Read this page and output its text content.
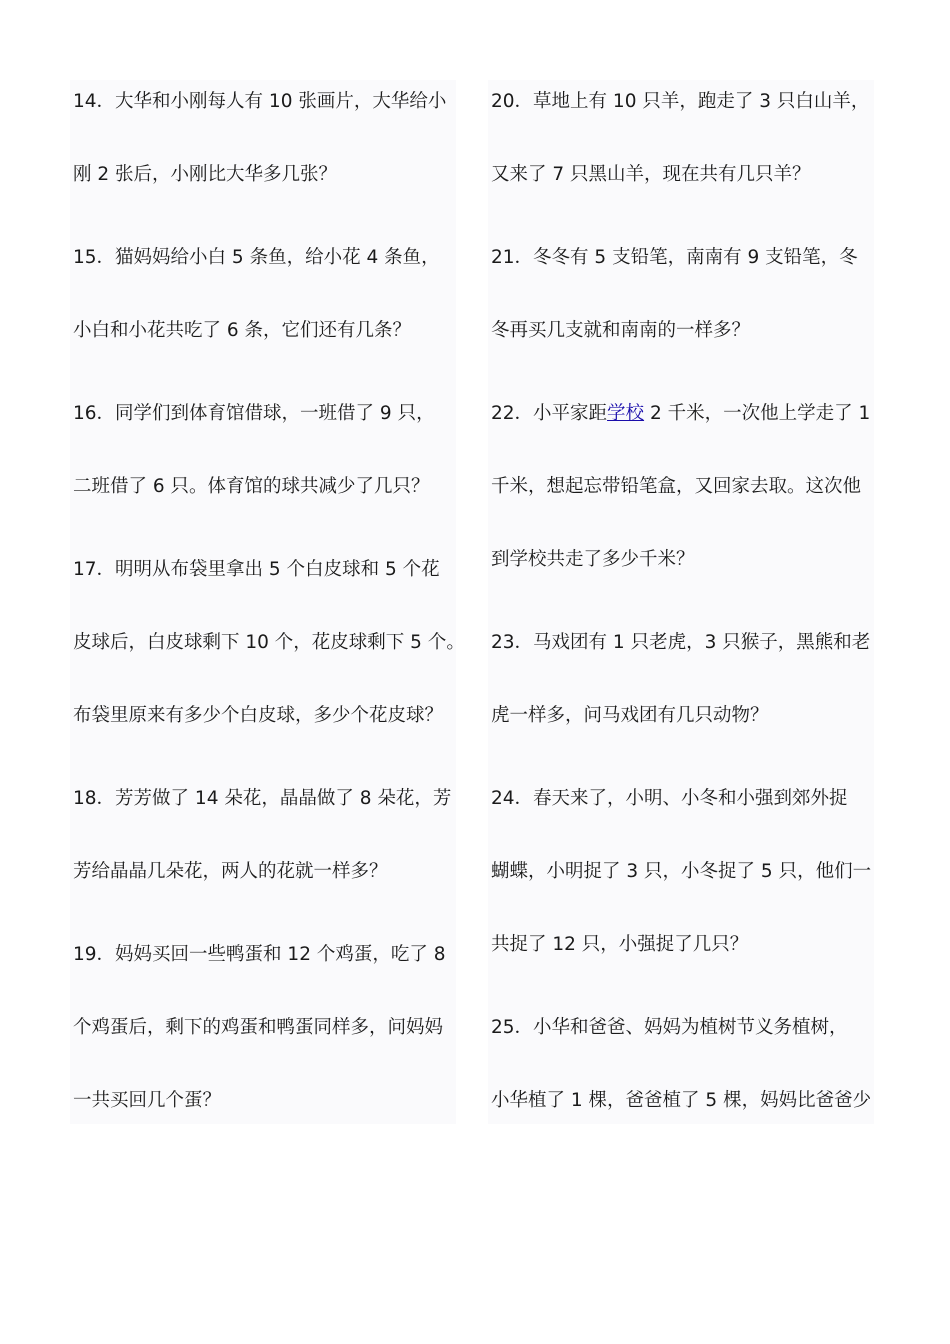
14．大华和小刚每人有 10 张画片，大华给小
刚 2 张后，小刚比大华多几张？
15．猫妈妈给小白 5 条鱼，给小花 4 条鱼，
小白和小花共吃了 6 条，它们还有几条？
16．同学们到体育馆借球，一班借了 9 只，
二班借了 6 只。体育馆的球共减少了几只？
17．明明从布袋里拿出 5 个白皮球和 5 个花
皮球后，白皮球剩下 10 个，花皮球剩下 5 个。
布袋里原来有多少个白皮球，多少个花皮球？
18．芳芳做了 14 朵花，晶晶做了 8 朵花，芳
芳给晶晶几朵花，两人的花就一样多？
19．妈妈买回一些鸭蛋和 12 个鸡蛋，吃了 8
个鸡蛋后，剩下的鸡蛋和鸭蛋同样多，问妈妈
一共买回几个蛋？
20．草地上有 10 只羊，跑走了 3 只白山羊，
又来了 7 只黑山羊，现在共有几只羊？
21．冬冬有 5 支铅笔，南南有 9 支铅笔，冬
冬再买几支就和南南的一样多？
22．小平家距学校 2 千米，一次他上学走了 1
千米，想起忘带铅笔盒，又回家去取。这次他
到学校共走了多少千米？
23．马戏团有 1 只老虎，3 只猴子，黑熊和老
虎一样多，问马戏团有几只动物？
24．春天来了，小明、小冬和小强到郊外捉
蝴蝶，小明捉了 3 只，小冬捉了 5 只，他们一
共捉了 12 只，小强捉了几只？
25．小华和爸爸、妈妈为植树节义务植树，
小华植了 1 棵，爸爸植了 5 棵，妈妈比爸爸少
